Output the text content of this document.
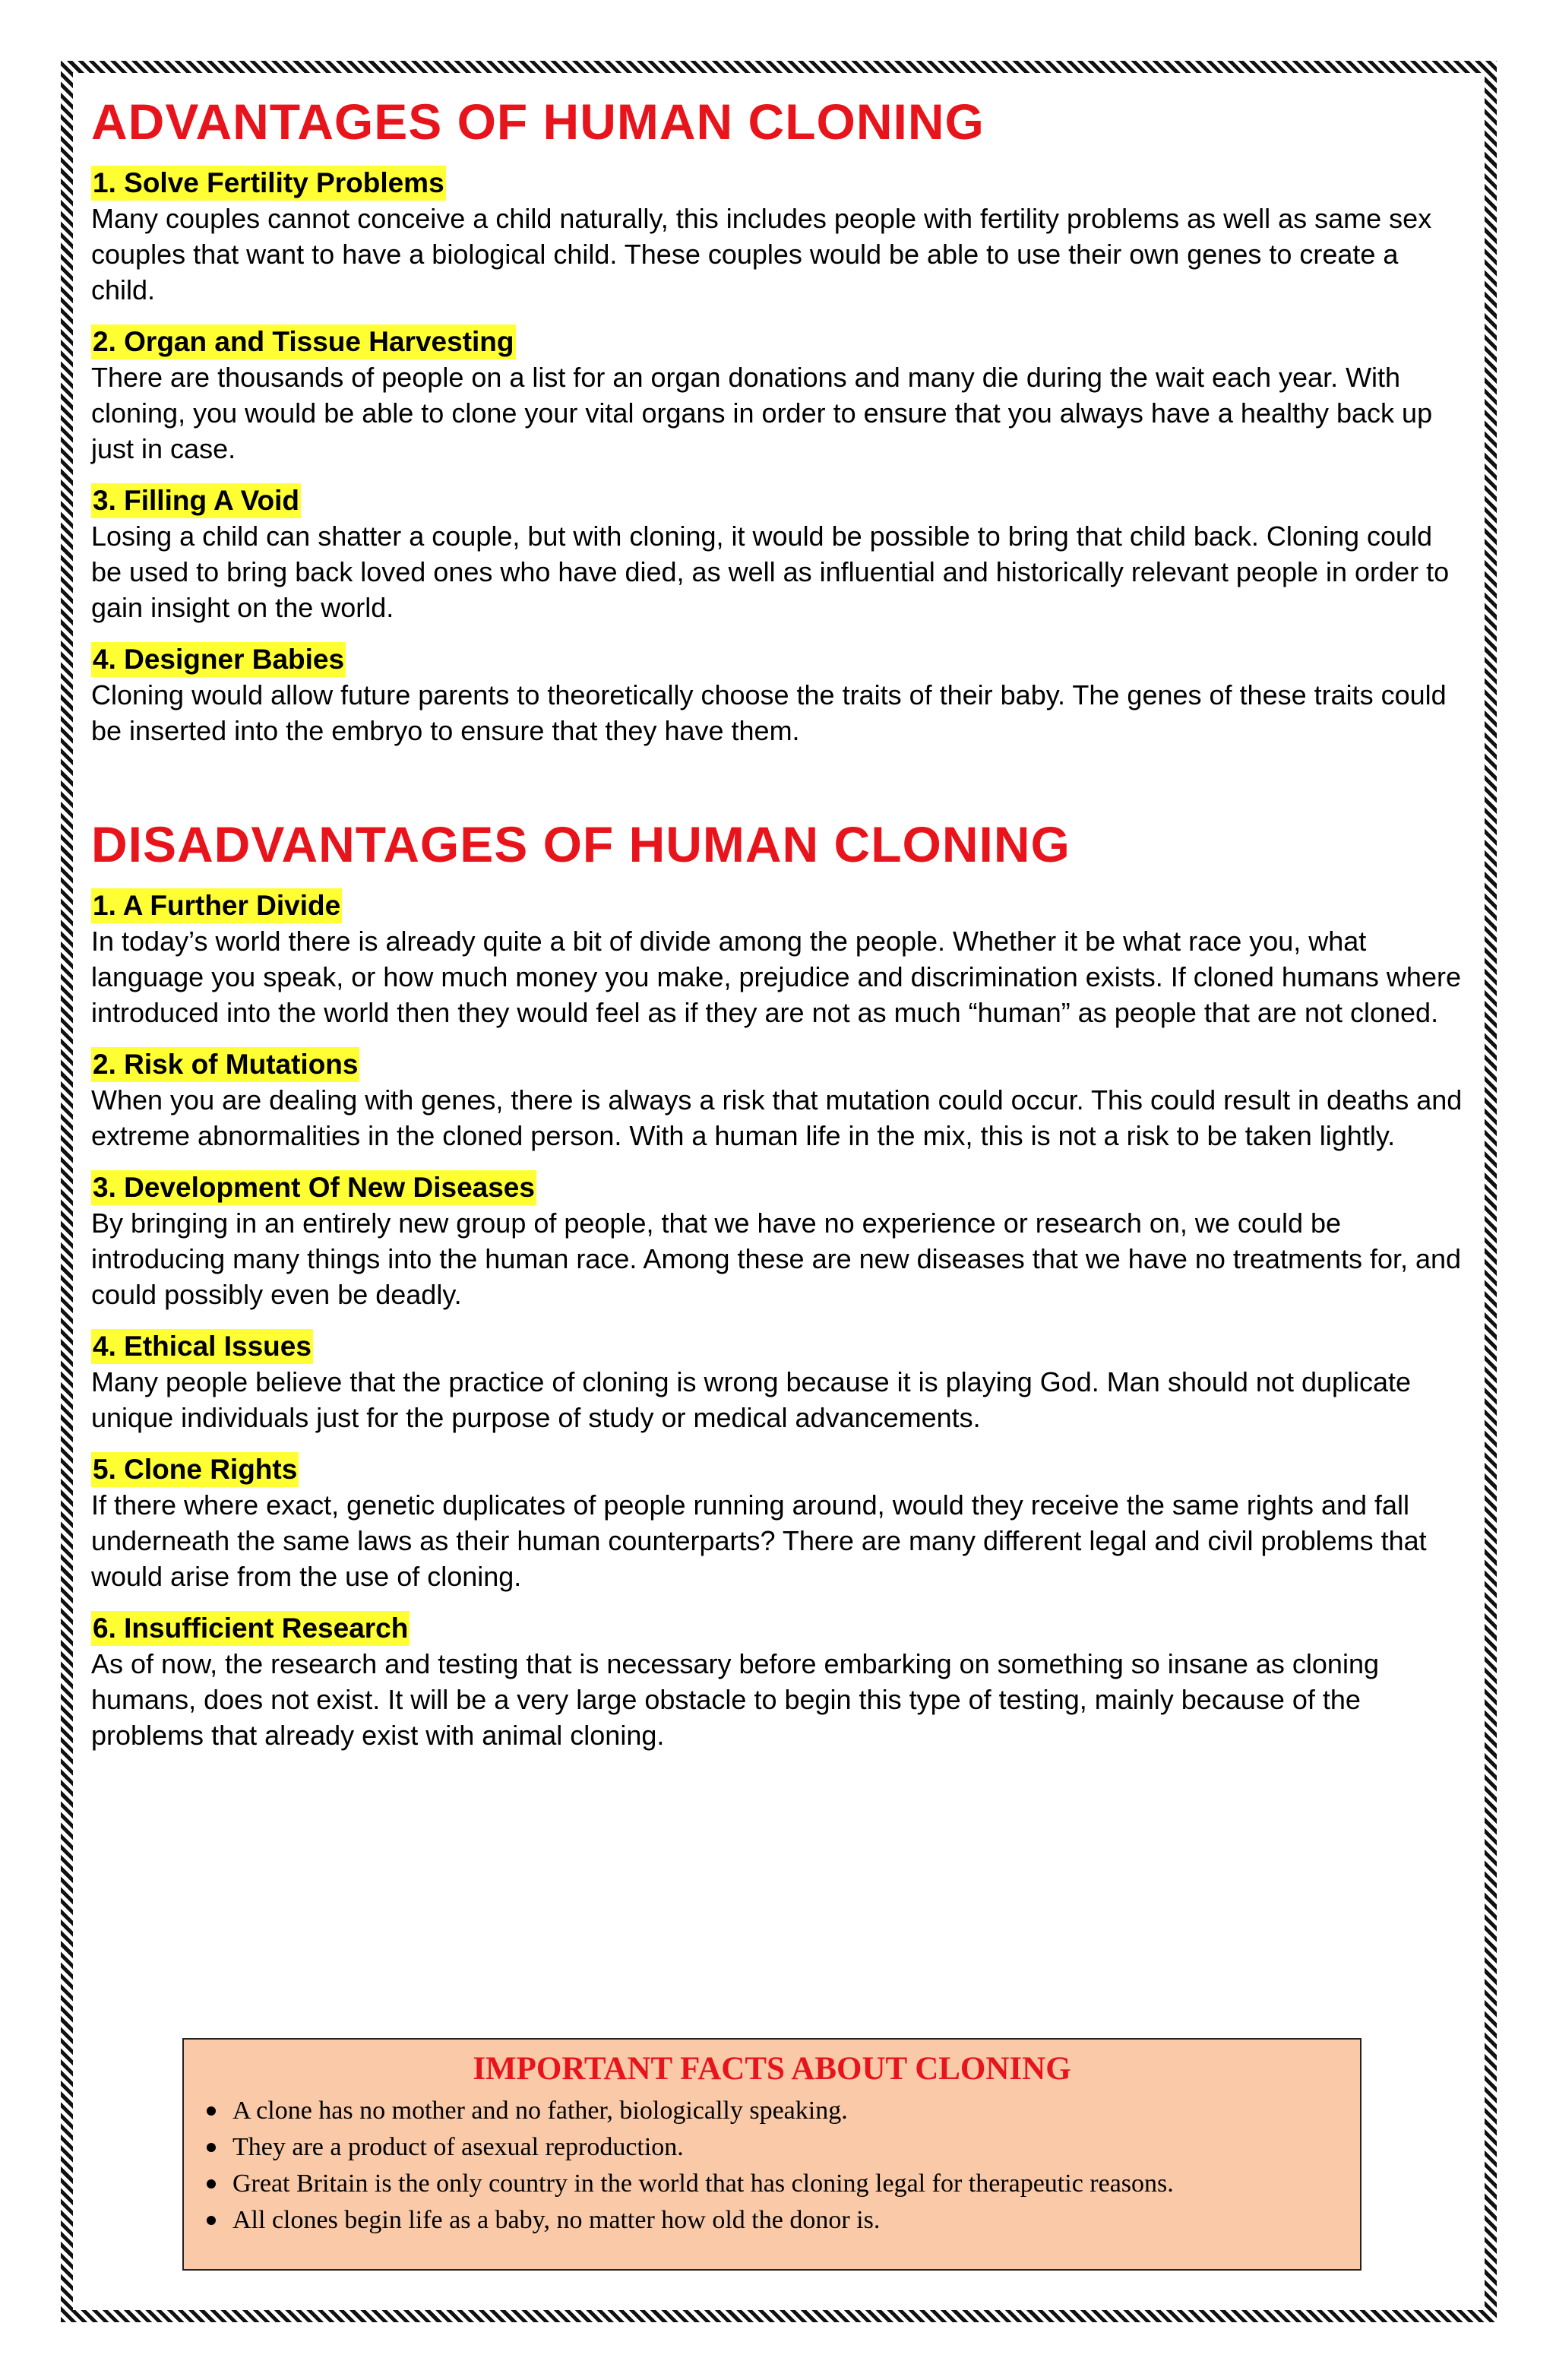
ADVANTAGES OF HUMAN CLONING
1. Solve Fertility Problems

Many couples cannot conceive a child naturally, this includes people with fertility problems as well as same sex couples that want to have a biological child. These couples would be able to use their own genes to create a child.

2. Organ and Tissue Harvesting

There are thousands of people on a list for an organ donations and many die during the wait each year. With cloning, you would be able to clone your vital organs in order to ensure that you always have a healthy back up just in case.

3. Filling A Void

Losing a child can shatter a couple, but with cloning, it would be possible to bring that child back. Cloning could be used to bring back loved ones who have died, as well as influential and historically relevant people in order to gain insight on the world.

4. Designer Babies

Cloning would allow future parents to theoretically choose the traits of their baby. The genes of these traits could be inserted into the embryo to ensure that they have them.

DISADVANTAGES OF HUMAN CLONING
1. A Further Divide

In today’s world there is already quite a bit of divide among the people. Whether it be what race you, what language you speak, or how much money you make, prejudice and discrimination exists. If cloned humans where introduced into the world then they would feel as if they are not as much “human” as people that are not cloned.

2. Risk of Mutations

When you are dealing with genes, there is always a risk that mutation could occur. This could result in deaths and extreme abnormalities in the cloned person. With a human life in the mix, this is not a risk to be taken lightly.

3. Development Of New Diseases

By bringing in an entirely new group of people, that we have no experience or research on, we could be introducing many things into the human race. Among these are new diseases that we have no treatments for, and could possibly even be deadly.

4. Ethical Issues

Many people believe that the practice of cloning is wrong because it is playing God. Man should not duplicate unique individuals just for the purpose of study or medical advancements.

5. Clone Rights

If there where exact, genetic duplicates of people running around, would they receive the same rights and fall underneath the same laws as their human counterparts? There are many different legal and civil problems that would arise from the use of cloning.

6. Insufficient Research

As of now, the research and testing that is necessary before embarking on something so insane as cloning humans, does not exist. It will be a very large obstacle to begin this type of testing, mainly because of the problems that already exist with animal cloning.

IMPORTANT FACTS ABOUT CLONING
A clone has no mother and no father, biologically speaking.
They are a product of asexual reproduction.
Great Britain is the only country in the world that has cloning legal for therapeutic reasons.
All clones begin life as a baby, no matter how old the donor is.
